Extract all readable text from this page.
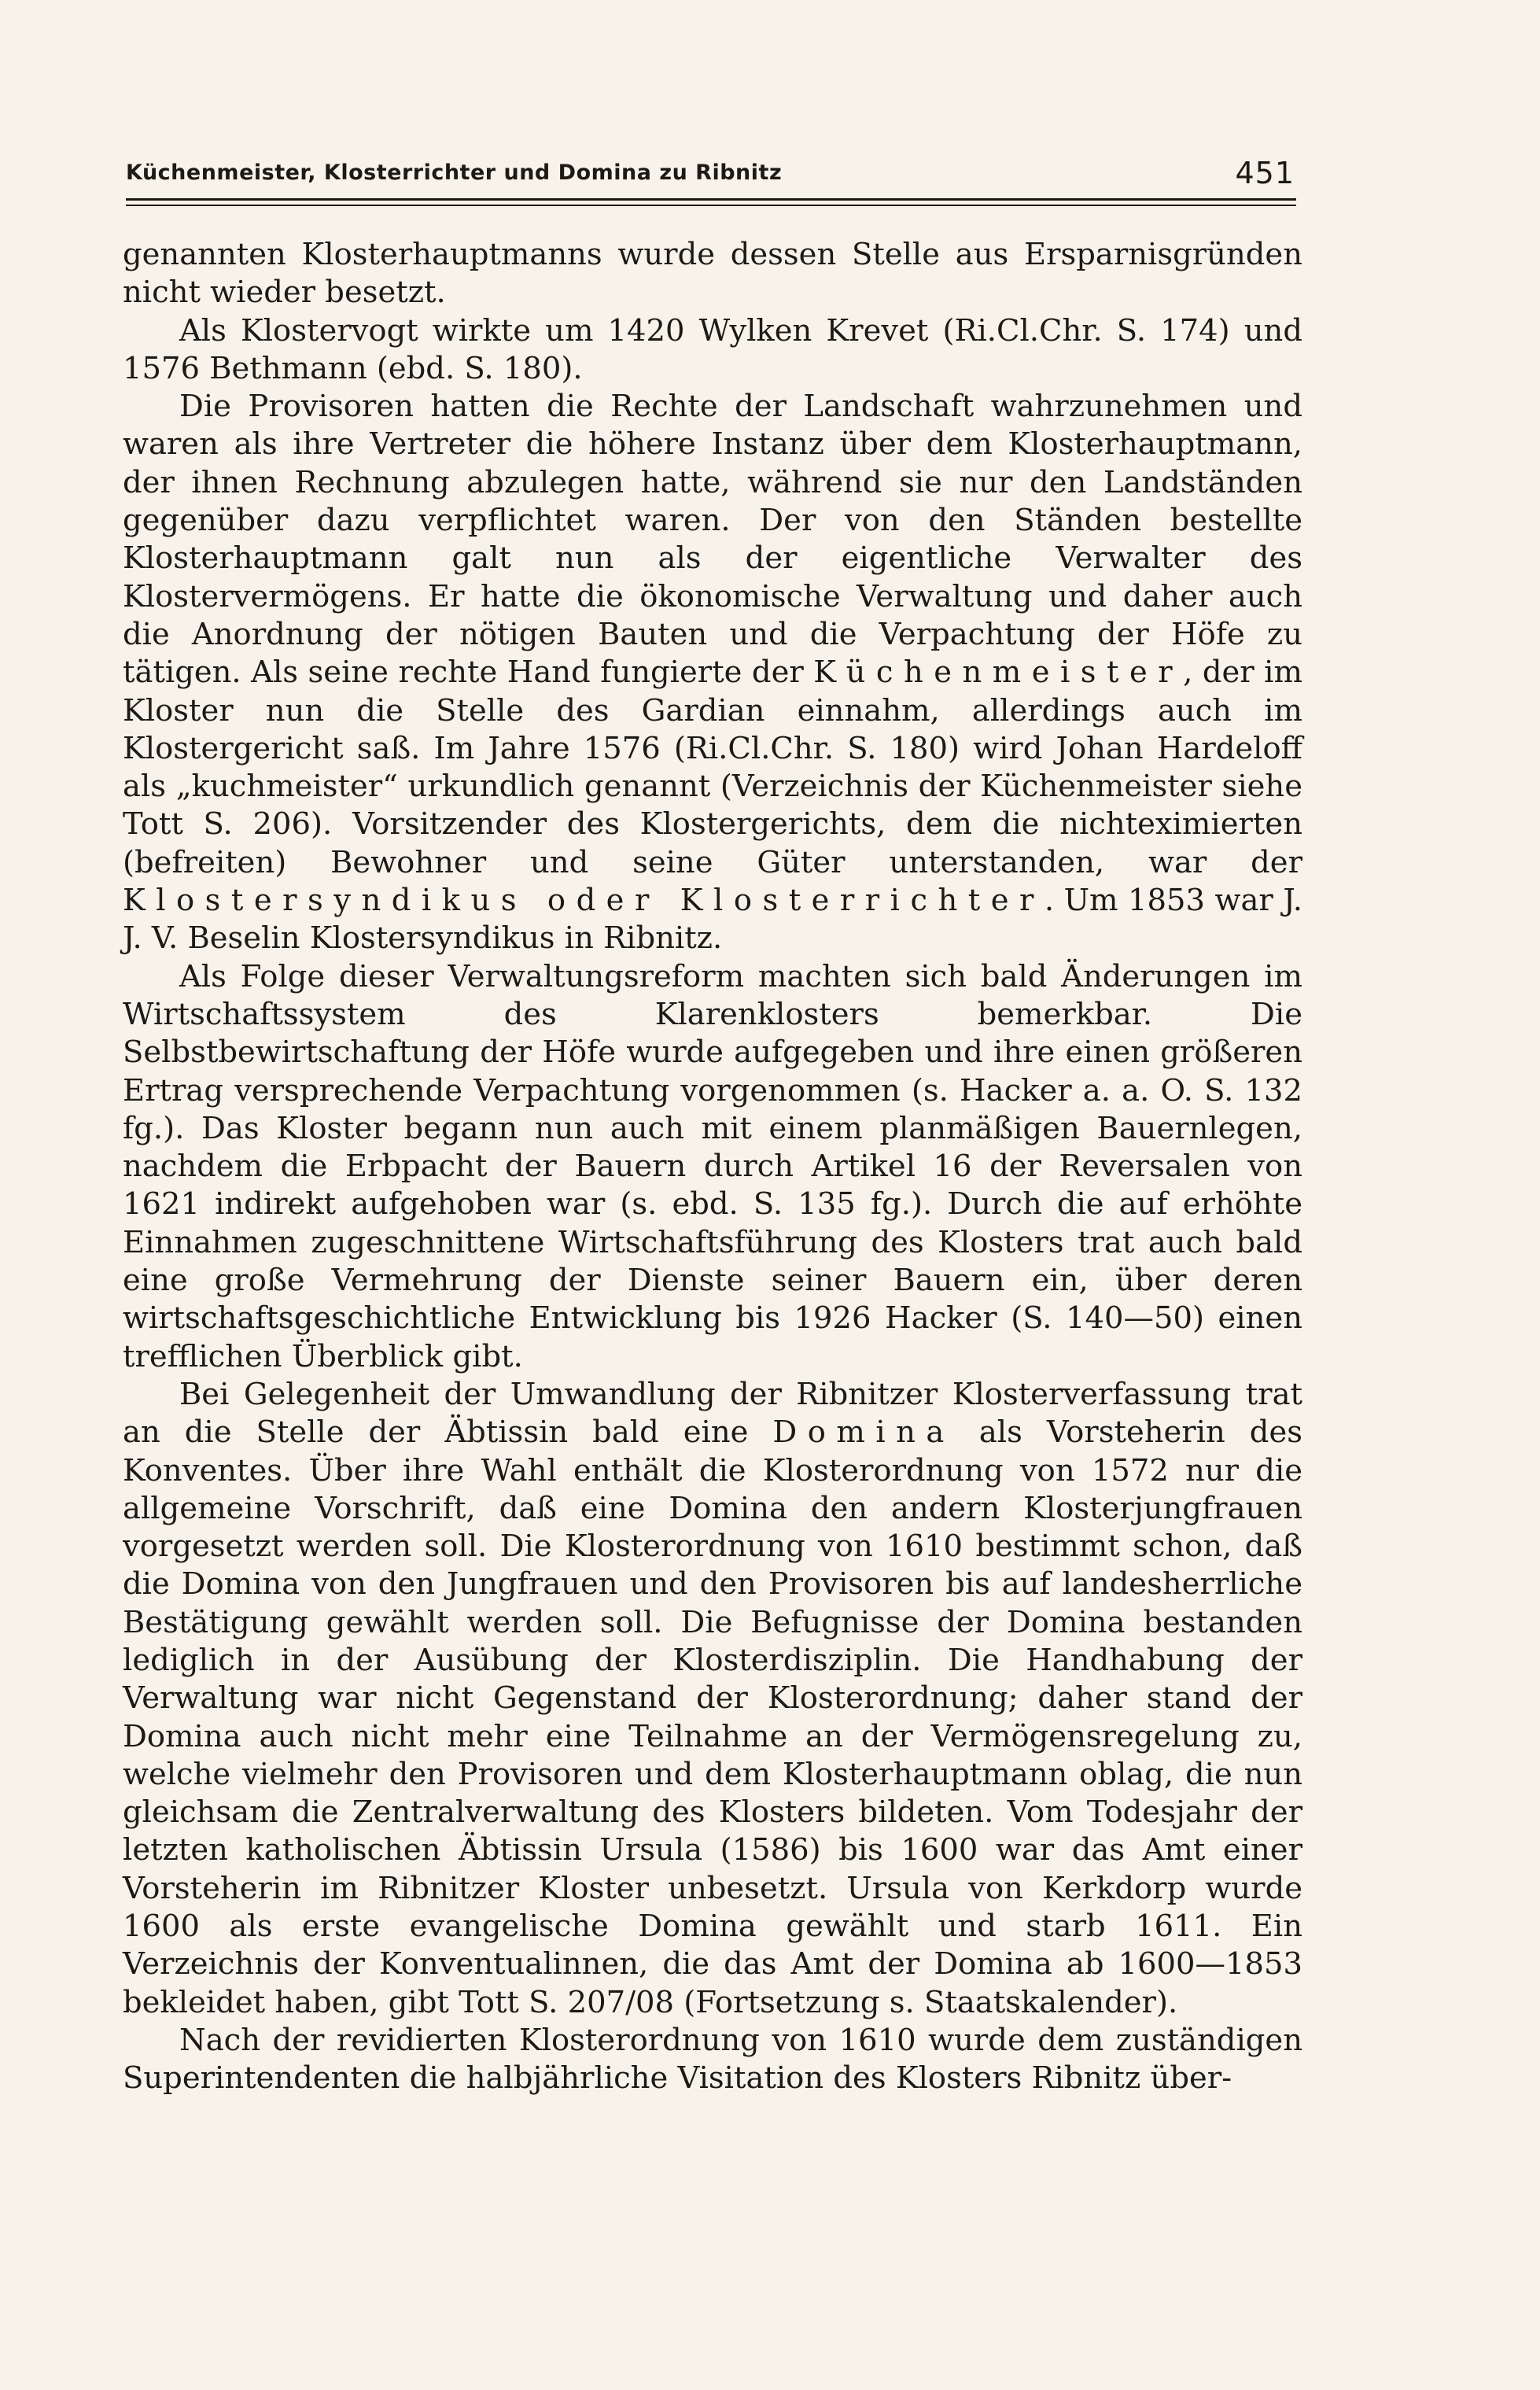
Küchenmeister, Klosterrichter und Domina zu Ribnitz	451

genannten Klosterhauptmanns wurde dessen Stelle aus Ersparnisgründen nicht wieder besetzt.

Als Klostervogt wirkte um 1420 Wylken Krevet (Ri.Cl.Chr. S. 174) und 1576 Bethmann (ebd. S. 180).

Die Provisoren hatten die Rechte der Landschaft wahrzunehmen und waren als ihre Vertreter die höhere Instanz über dem Klosterhauptmann, der ihnen Rechnung abzulegen hatte, während sie nur den Landständen gegenüber dazu verpflichtet waren. Der von den Ständen bestellte Klosterhauptmann galt nun als der eigentliche Verwalter des Klostervermögens. Er hatte die ökonomische Verwaltung und daher auch die Anordnung der nötigen Bauten und die Verpachtung der Höfe zu tätigen. Als seine rechte Hand fungierte der Küchenmeister, der im Kloster nun die Stelle des Gardian einnahm, allerdings auch im Klostergericht saß. Im Jahre 1576 (Ri.Cl.Chr. S. 180) wird Johan Hardeloff als „kuchmeister“ urkundlich genannt (Verzeichnis der Küchenmeister siehe Tott S. 206). Vorsitzender des Klostergerichts, dem die nichteximierten (befreiten) Bewohner und seine Güter unterstanden, war der Klostersyndikus oder Klosterrichter. Um 1853 war J. J. V. Beselin Klostersyndikus in Ribnitz.

Als Folge dieser Verwaltungsreform machten sich bald Änderungen im Wirtschaftssystem des Klarenklosters bemerkbar. Die Selbstbewirtschaftung der Höfe wurde aufgegeben und ihre einen größeren Ertrag versprechende Verpachtung vorgenommen (s. Hacker a. a. O. S. 132 fg.). Das Kloster begann nun auch mit einem planmäßigen Bauernlegen, nachdem die Erbpacht der Bauern durch Artikel 16 der Reversalen von 1621 indirekt aufgehoben war (s. ebd. S. 135 fg.). Durch die auf erhöhte Einnahmen zugeschnittene Wirtschaftsführung des Klosters trat auch bald eine große Vermehrung der Dienste seiner Bauern ein, über deren wirtschaftsgeschichtliche Entwicklung bis 1926 Hacker (S. 140—50) einen trefflichen Überblick gibt.

Bei Gelegenheit der Umwandlung der Ribnitzer Klosterverfassung trat an die Stelle der Äbtissin bald eine Domina als Vorsteherin des Konventes. Über ihre Wahl enthält die Klosterordnung von 1572 nur die allgemeine Vorschrift, daß eine Domina den andern Klosterjungfrauen vorgesetzt werden soll. Die Klosterordnung von 1610 bestimmt schon, daß die Domina von den Jungfrauen und den Provisoren bis auf landesherrliche Bestätigung gewählt werden soll. Die Befugnisse der Domina bestanden lediglich in der Ausübung der Klosterdisziplin. Die Handhabung der Verwaltung war nicht Gegenstand der Klosterordnung; daher stand der Domina auch nicht mehr eine Teilnahme an der Vermögensregelung zu, welche vielmehr den Provisoren und dem Klosterhauptmann oblag, die nun gleichsam die Zentralverwaltung des Klosters bildeten. Vom Todesjahr der letzten katholischen Äbtissin Ursula (1586) bis 1600 war das Amt einer Vorsteherin im Ribnitzer Kloster unbesetzt. Ursula von Kerkdorp wurde 1600 als erste evangelische Domina gewählt und starb 1611. Ein Verzeichnis der Konventualinnen, die das Amt der Domina ab 1600—1853 bekleidet haben, gibt Tott S. 207/08 (Fortsetzung s. Staatskalender).

Nach der revidierten Klosterordnung von 1610 wurde dem zuständigen Superintendenten die halbjährliche Visitation des Klosters Ribnitz über-
